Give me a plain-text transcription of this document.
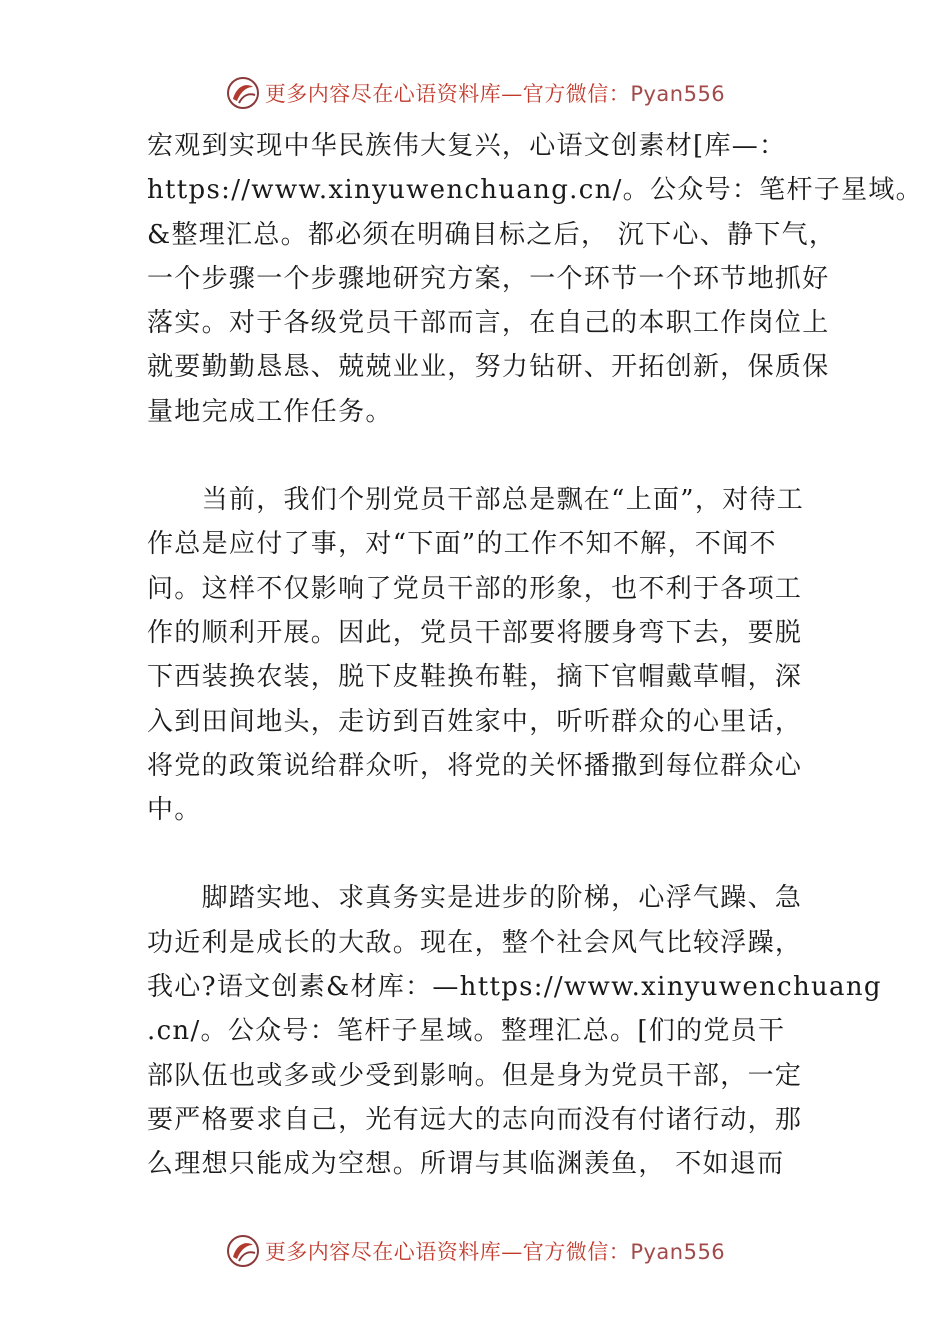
更多内容尽在心语资料库—官方微信：Pyan556
宏观到实现中华民族伟大复兴，心语文创素材[库—：
https://www.xinyuwenchuang.cn/。公众号：笔杆子星域。
&整理汇总。都必须在明确目标之后， 沉下心、静下气，
一个步骤一个步骤地研究方案，一个环节一个环节地抓好
落实。对于各级党员干部而言，在自己的本职工作岗位上
就要勤勤恳恳、兢兢业业，努力钻研、开拓创新，保质保
量地完成工作任务。
　　当前，我们个别党员干部总是飘在“上面”，对待工
作总是应付了事，对“下面”的工作不知不解，不闻不
问。这样不仅影响了党员干部的形象，也不利于各项工
作的顺利开展。因此，党员干部要将腰身弯下去，要脱
下西装换农装，脱下皮鞋换布鞋，摘下官帽戴草帽，深
入到田间地头，走访到百姓家中，听听群众的心里话，
将党的政策说给群众听，将党的关怀播撒到每位群众心
中。
　　脚踏实地、求真务实是进步的阶梯，心浮气躁、急
功近利是成长的大敌。现在，整个社会风气比较浮躁，
我心?语文创素&材库：—https://www.xinyuwenchuang
.cn/。公众号：笔杆子星域。整理汇总。[们的党员干
部队伍也或多或少受到影响。但是身为党员干部，一定
要严格要求自己，光有远大的志向而没有付诸行动，那
么理想只能成为空想。所谓与其临渊羡鱼， 不如退而
更多内容尽在心语资料库—官方微信：Pyan556
